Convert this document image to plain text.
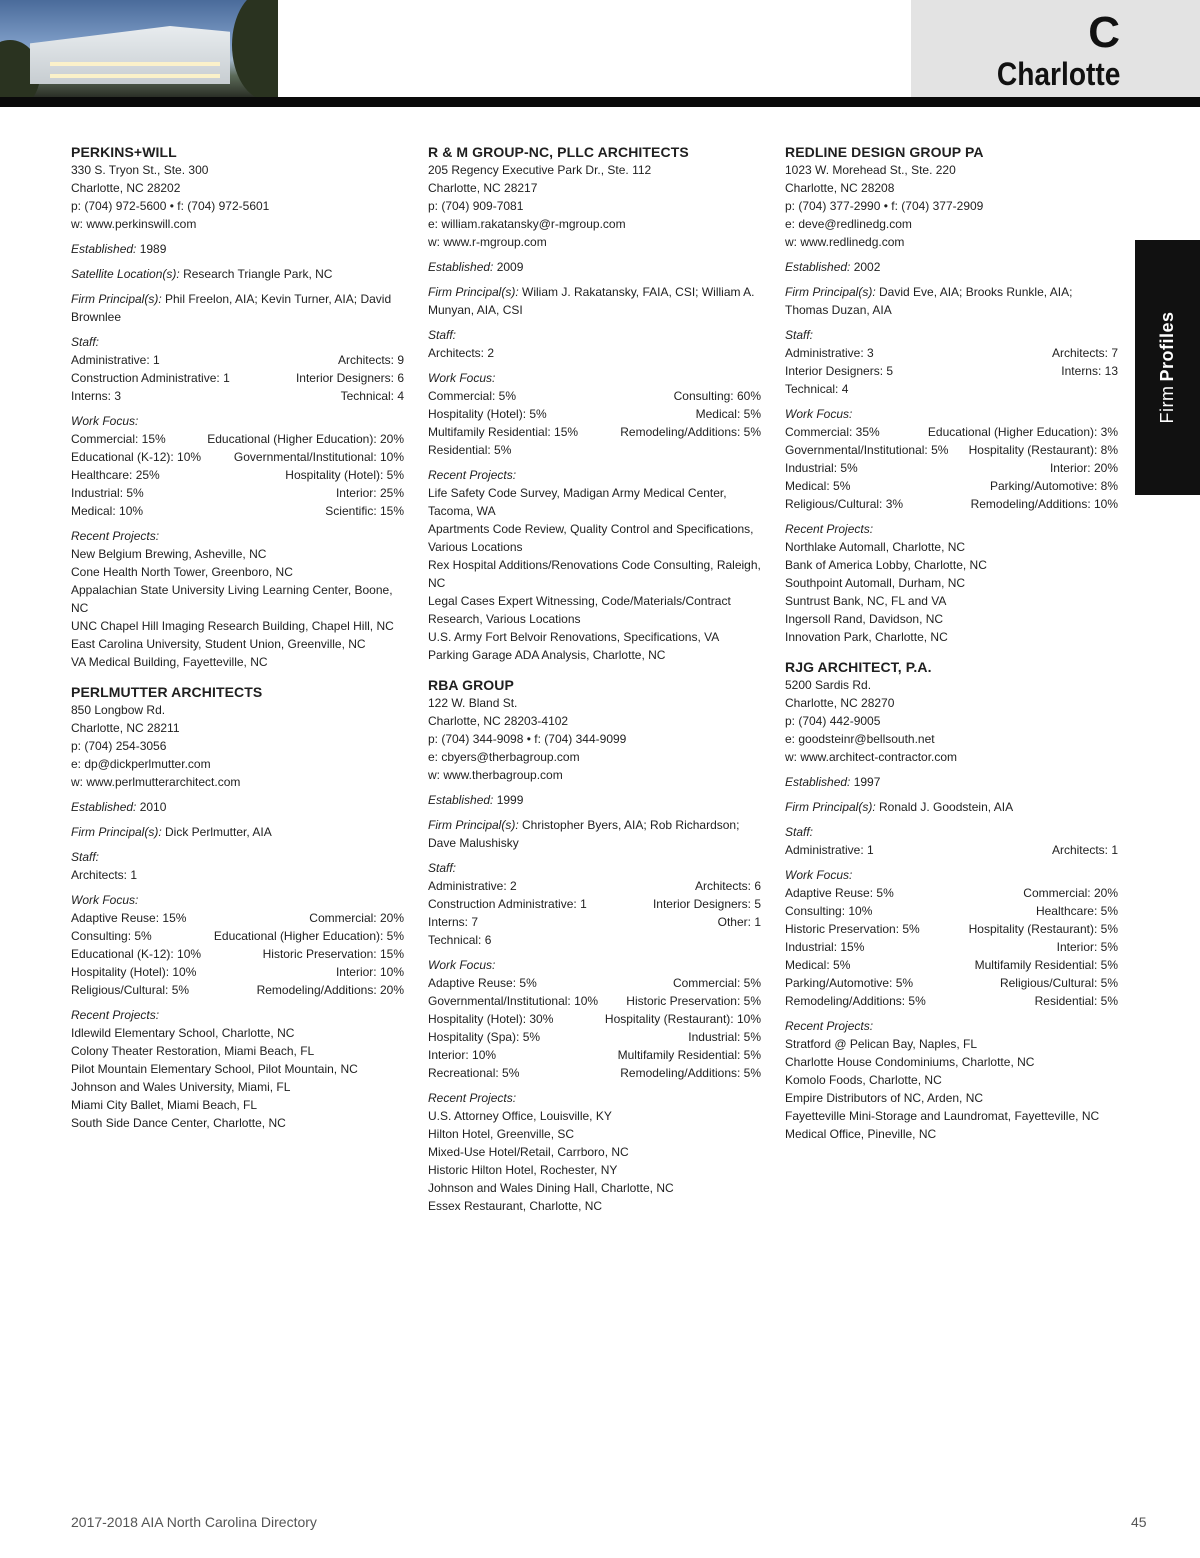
C
Charlotte
Firm
Profiles
PERKINS+WILL
330 S. Tryon St., Ste. 300
Charlotte, NC 28202
p: (704) 972-5600 • f: (704) 972-5601
w: www.perkinswill.com
Established: 1989
Satellite Location(s): Research Triangle Park, NC
Firm Principal(s): Phil Freelon, AIA; Kevin Turner, AIA; David Brownlee
Staff:
Administrative: 1	Architects: 9
Construction Administrative: 1	Interior Designers: 6
Interns: 3	Technical: 4
Work Focus:
Commercial: 15%	Educational (Higher Education): 20%
Educational (K-12): 10%	Governmental/Institutional: 10%
Healthcare: 25%	Hospitality (Hotel): 5%
Industrial: 5%	Interior: 25%
Medical: 10%	Scientific: 15%
Recent Projects:
New Belgium Brewing, Asheville, NC
Cone Health North Tower, Greenboro, NC
Appalachian State University Living Learning Center, Boone, NC
UNC Chapel Hill Imaging Research Building, Chapel Hill, NC
East Carolina University, Student Union, Greenville, NC
VA Medical Building, Fayetteville, NC
PERLMUTTER ARCHITECTS
850 Longbow Rd.
Charlotte, NC 28211
p: (704) 254-3056
e: dp@dickperlmutter.com
w: www.perlmutterarchitect.com
Established: 2010
Firm Principal(s): Dick Perlmutter, AIA
Staff:
Architects: 1
Work Focus:
Adaptive Reuse: 15%	Commercial: 20%
Consulting: 5%	Educational (Higher Education): 5%
Educational (K-12): 10%	Historic Preservation: 15%
Hospitality (Hotel): 10%	Interior: 10%
Religious/Cultural: 5%	Remodeling/Additions: 20%
Recent Projects:
Idlewild Elementary School, Charlotte, NC
Colony Theater Restoration, Miami Beach, FL
Pilot Mountain Elementary School, Pilot Mountain, NC
Johnson and Wales University, Miami, FL
Miami City Ballet, Miami Beach, FL
South Side Dance Center, Charlotte, NC
R & M GROUP-NC, PLLC ARCHITECTS
205 Regency Executive Park Dr., Ste. 112
Charlotte, NC 28217
p: (704) 909-7081
e: william.rakatansky@r-mgroup.com
w: www.r-mgroup.com
Established: 2009
Firm Principal(s): Wiliam J. Rakatansky, FAIA, CSI; William A. Munyan, AIA, CSI
Staff:
Architects: 2
Work Focus:
Commercial: 5%	Consulting: 60%
Hospitality (Hotel): 5%	Medical: 5%
Multifamily Residential: 15%	Remodeling/Additions: 5%
Residential: 5%
Recent Projects:
Life Safety Code Survey, Madigan Army Medical Center, Tacoma, WA
Apartments Code Review, Quality Control and Specifications, Various Locations
Rex Hospital Additions/Renovations Code Consulting, Raleigh, NC
Legal Cases Expert Witnessing, Code/Materials/Contract Research, Various Locations
U.S. Army Fort Belvoir Renovations, Specifications, VA
Parking Garage ADA Analysis, Charlotte, NC
RBA GROUP
122 W. Bland St.
Charlotte, NC 28203-4102
p: (704) 344-9098 • f: (704) 344-9099
e: cbyers@therbagroup.com
w: www.therbagroup.com
Established: 1999
Firm Principal(s): Christopher Byers, AIA; Rob Richardson; Dave Malushisky
Staff:
Administrative: 2	Architects: 6
Construction Administrative: 1	Interior Designers: 5
Interns: 7	Other: 1
Technical: 6
Work Focus:
Adaptive Reuse: 5%	Commercial: 5%
Governmental/Institutional: 10% Historic Preservation: 5%
Hospitality (Hotel): 30%	Hospitality (Restaurant): 10%
Hospitality (Spa): 5%	Industrial: 5%
Interior: 10%	Multifamily Residential: 5%
Recreational: 5%	Remodeling/Additions: 5%
Recent Projects:
U.S. Attorney Office, Louisville, KY
Hilton Hotel, Greenville, SC
Mixed-Use Hotel/Retail, Carrboro, NC
Historic Hilton Hotel, Rochester, NY
Johnson and Wales Dining Hall, Charlotte, NC
Essex Restaurant, Charlotte, NC
REDLINE DESIGN GROUP PA
1023 W. Morehead St., Ste. 220
Charlotte, NC 28208
p: (704) 377-2990 • f: (704) 377-2909
e: deve@redlinedg.com
w: www.redlinedg.com
Established: 2002
Firm Principal(s): David Eve, AIA; Brooks Runkle, AIA; Thomas Duzan, AIA
Staff:
Administrative: 3	Architects: 7
Interior Designers: 5	Interns: 13
Technical: 4
Work Focus:
Commercial: 35%	Educational (Higher Education): 3%
Governmental/Institutional: 5% Hospitality (Restaurant): 8%
Industrial: 5%	Interior: 20%
Medical: 5%	Parking/Automotive: 8%
Religious/Cultural: 3%	Remodeling/Additions: 10%
Recent Projects:
Northlake Automall, Charlotte, NC
Bank of America Lobby, Charlotte, NC
Southpoint Automall, Durham, NC
Suntrust Bank, NC, FL and VA
Ingersoll Rand, Davidson, NC
Innovation Park, Charlotte, NC
RJG ARCHITECT, P.A.
5200 Sardis Rd.
Charlotte, NC 28270
p: (704) 442-9005
e: goodsteinr@bellsouth.net
w: www.architect-contractor.com
Established: 1997
Firm Principal(s): Ronald J. Goodstein, AIA
Staff:
Administrative: 1	Architects: 1
Work Focus:
Adaptive Reuse: 5%	Commercial: 20%
Consulting: 10%	Healthcare: 5%
Historic Preservation: 5%	Hospitality (Restaurant): 5%
Industrial: 15%	Interior: 5%
Medical: 5%	Multifamily Residential: 5%
Parking/Automotive: 5%	Religious/Cultural: 5%
Remodeling/Additions: 5%	Residential: 5%
Recent Projects:
Stratford @ Pelican Bay, Naples, FL
Charlotte House Condominiums, Charlotte, NC
Komolo Foods, Charlotte, NC
Empire Distributors of NC, Arden, NC
Fayetteville Mini-Storage and Laundromat, Fayetteville, NC
Medical Office, Pineville, NC
2017-2018 AIA North Carolina Directory	45
